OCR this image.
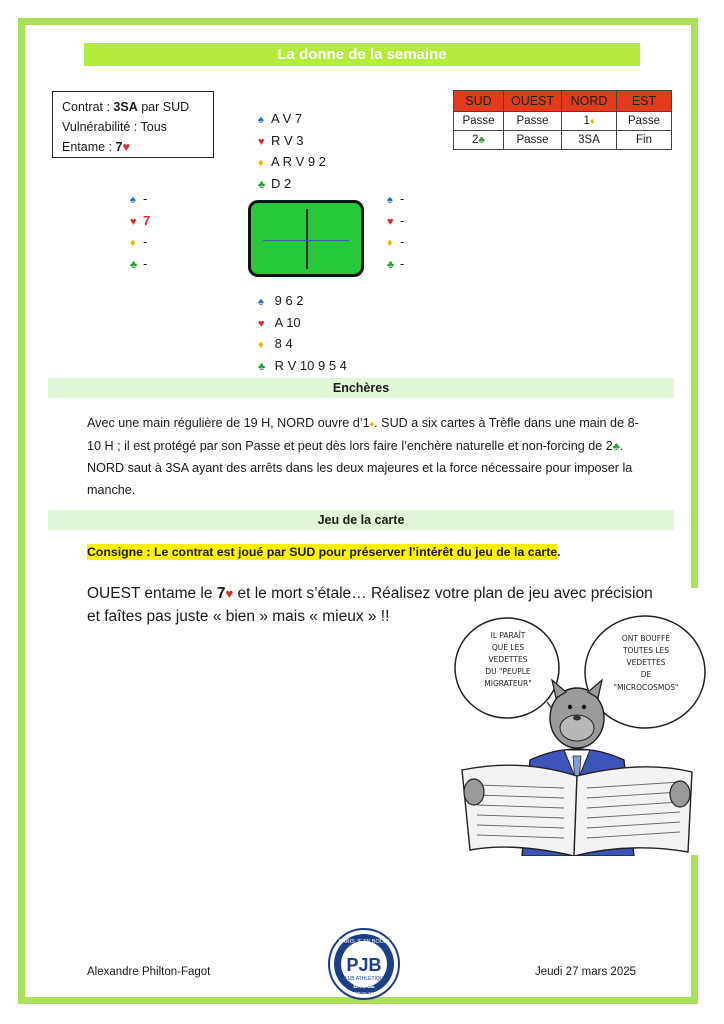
La donne de la semaine
Contrat : 3SA par SUD
Vulnérabilité : Tous
Entame : 7♥
♠ A V 7
♥ R V 3
♦ A R V 9 2
♣ D 2
♠ -
♥ 7
♦ -
♣ -
♠ -
♥ -
♦ -
♣ -
♠ 9 6 2
♥ A 10
♦ 8 4
♣ R V 10 9 5 4
SUD	OUEST	NORD	EST
Passe	Passe	1♦	Passe
2♣	Passe	3SA	Fin
Enchères
Avec une main régulière de 19 H, NORD ouvre d’1♦. SUD a six cartes à Trèfle dans une main de 8-10 H ; il est protégé par son Passe et peut dès lors faire l’enchère naturelle et non-forcing de 2♣. NORD saut à 3SA ayant des arrêts dans les deux majeures et la force nécessaire pour imposer la manche.
Jeu de la carte
Consigne : Le contrat est joué par SUD pour préserver l’intérêt du jeu de la carte.
OUEST entame le 7♥ et le mort s’étale… Réalisez votre plan de jeu avec précision et faîtes pas juste « bien » mais « mieux » !!
IL PARAÎT
QUE LES
VEDETTES
DU "PEUPLE
MIGRATEUR"
ONT BOUFFÉ
TOUTES LES
VEDETTES
DE
"MICROCOSMOS"
Alexandre Philton-Fagot	PJB
PARIS JEAN BOUIN
CLUB ATHLÉTIQUE
BRIDGE
DEPUIS 1911
Jeudi 27 mars 2025
